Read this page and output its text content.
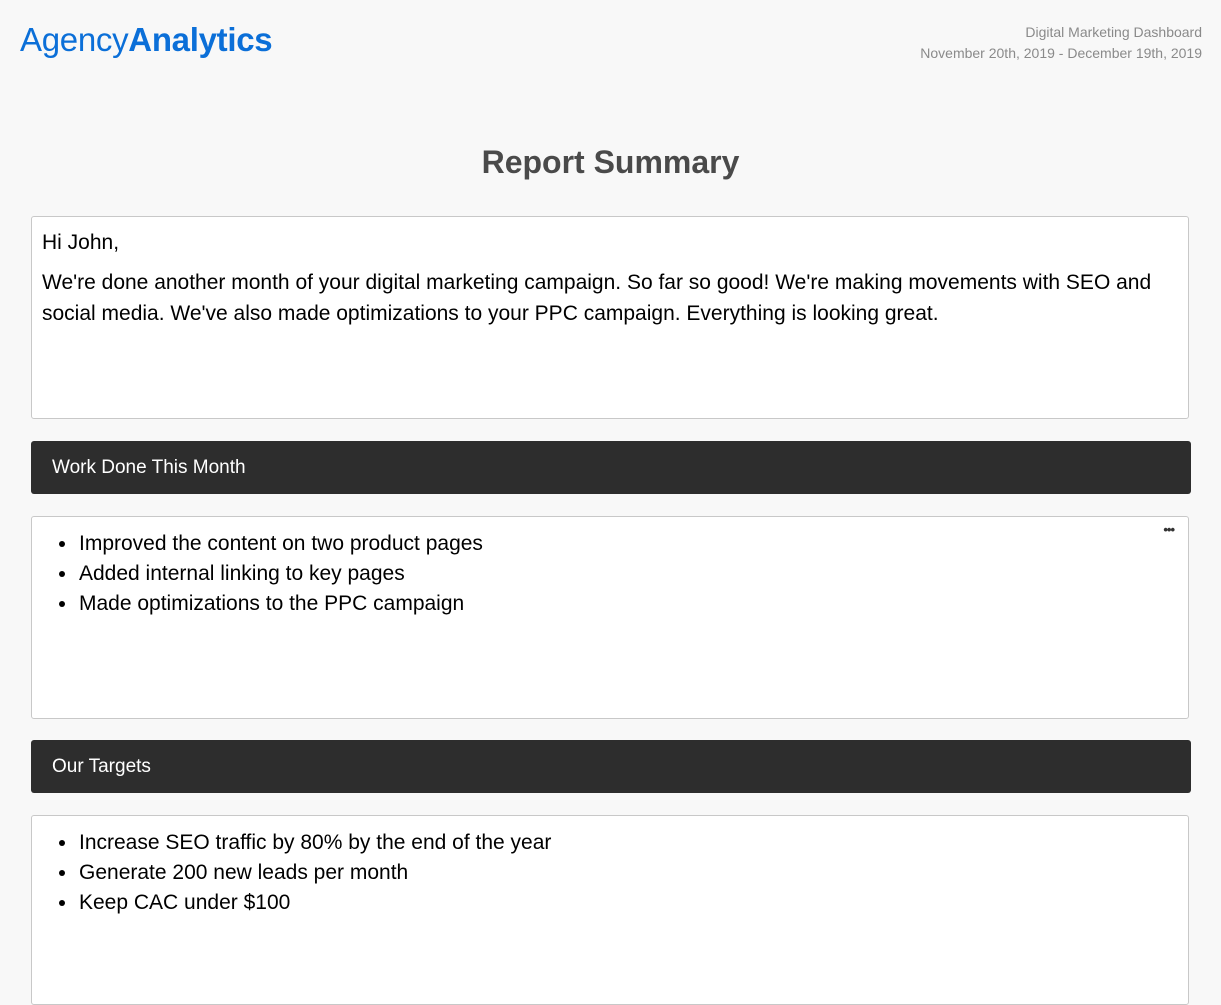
AgencyAnalytics	Digital Marketing Dashboard
November 20th, 2019 - December 19th, 2019
Report Summary

Hi John,

We're done another month of your digital marketing campaign. So far so good! We're making movements with SEO and social media. We've also made optimizations to your PPC campaign. Everything is looking great.

Work Done This Month
•••
• Improved the content on two product pages
• Added internal linking to key pages
• Made optimizations to the PPC campaign
Our Targets
• Increase SEO traffic by 80% by the end of the year
• Generate 200 new leads per month
• Keep CAC under $100
